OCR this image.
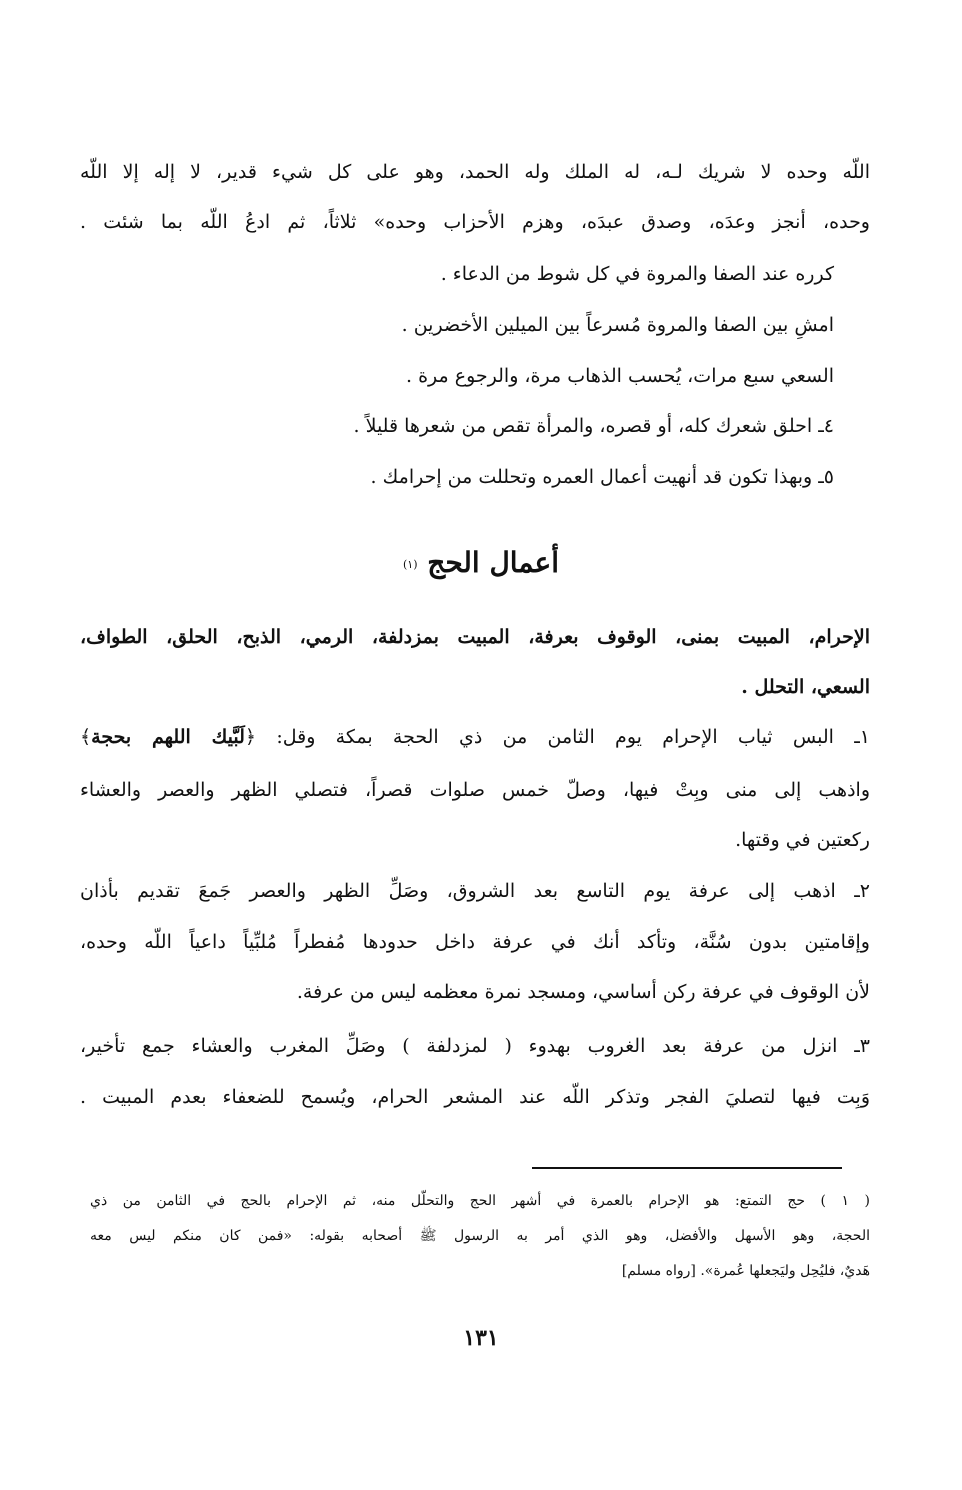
اللّه وحده لا شريك لـه، له الملك وله الحمد، وهو على كل شيء قدير، لا إله إلا اللّه
وحده، أنجز وعدَه، وصدق عبدَه، وهزم الأحزاب وحده» ثلاثاً، ثم ادعُ اللّه بما شئت .
كرره عند الصفا والمروة في كل شوط من الدعاء .
امشِ بين الصفا والمروة مُسرعاً بين الميلين الأخضرين .
السعي سبع مرات، يُحسب الذهاب مرة، والرجوع مرة .
٤ـ احلق شعرك كله، أو قصره، والمرأة تقص من شعرها قليلاً .
٥ـ وبهذا تكون قد أنهيت أعمال العمره وتحللت من إحرامك .
أعمال الحج (١)
الإحرام، المبيت بمنى، الوقوف بعرفة، المبيت بمزدلفة، الرمي، الذبح، الحلق، الطواف،
السعي، التحلل .
١ـ البس ثياب الإحرام يوم الثامن من ذي الحجة بمكة وقل: ﴿لَبَّيك اللهم بحجة﴾
واذهب إلى منى وبِتْ فيها، وصلّ خمس صلوات قصراً، فتصلي الظهر والعصر والعشاء
ركعتين في وقتها.
٢ـ اذهب إلى عرفة يوم التاسع بعد الشروق، وصَلِّ الظهر والعصر جَمعَ تقديم بأذان
وإقامتين بدون سُنَّة، وتأكد أنك في عرفة داخل حدودها مُفطراً مُلبِّياً داعياً اللّه وحده،
لأن الوقوف في عرفة ركن أساسي، ومسجد نمرة معظمه ليس من عرفة.
٣ـ انزل من عرفة بعد الغروب بهدوء ( لمزدلفة ) وصَلِّ المغرب والعشاء جمع تأخير،
وَبِت فيها لتصليَ الفجر وتذكر اللّه عند المشعر الحرام، ويُسمح للضعفاء بعدم المبيت .
( ١ ) حج التمتع: هو الإحرام بالعمرة في أشهر الحج والتحلّل منه، ثم الإحرام بالحج في الثامن من ذي
الحجة، وهو الأسهل والأفضل، وهو الذي أمر به الرسول ﷺ أصحابه بقوله: «فمن كان منكم ليس معه
هَديٌ، فليُحِل وليَجعلها عُمرة». [رواه مسلم]
١٣١
